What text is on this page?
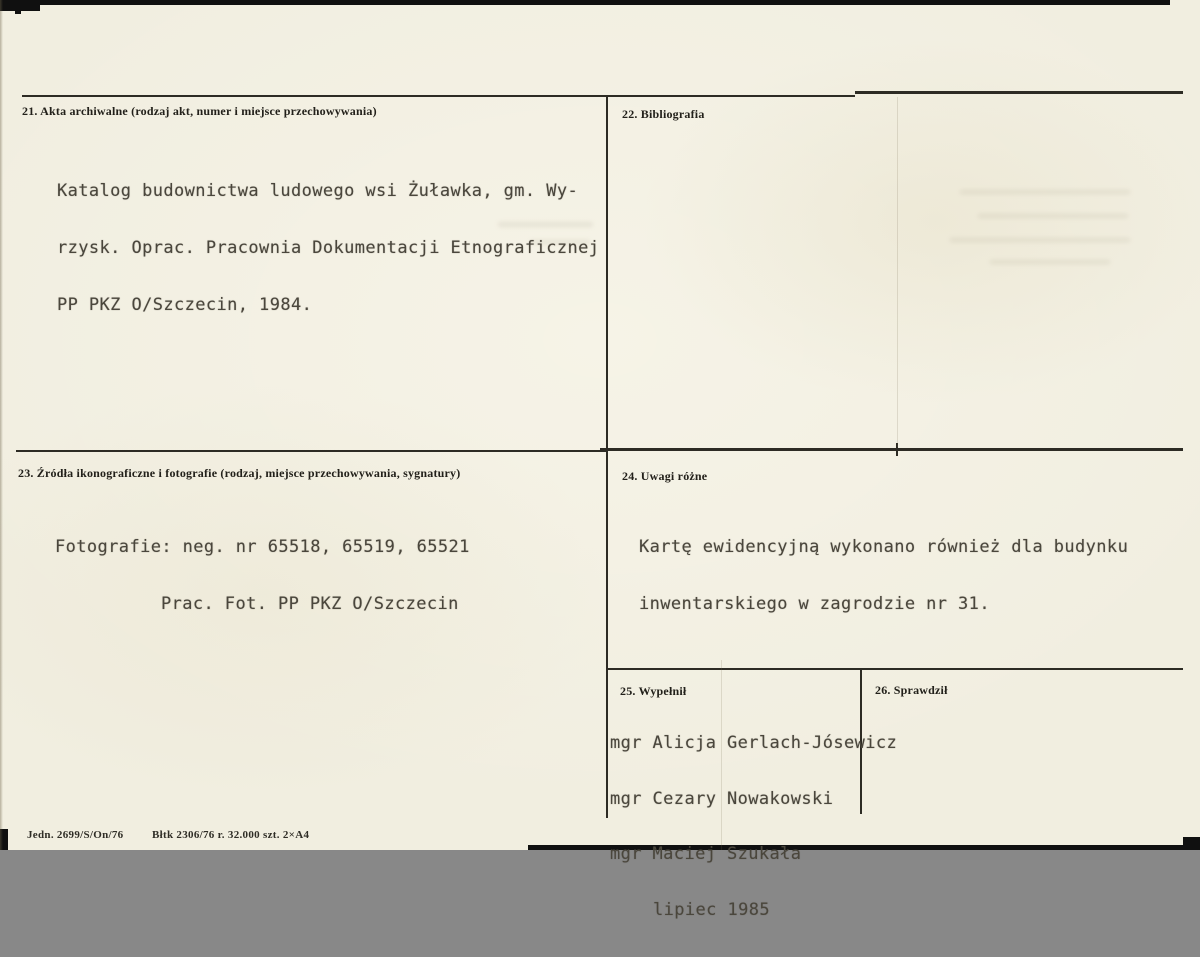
21. Akta archiwalne (rodzaj akt, numer i miejsce przechowywania)

Katalog budownictwa ludowego wsi Żuławka, gm. Wy-

rzysk. Oprac. Pracownia Dokumentacji Etnograficznej

PP PKZ O/Szczecin, 1984.

22. Bibliografia
23. Źródła ikonograficzne i fotografie (rodzaj, miejsce przechowywania, sygnatury)

Fotografie: neg. nr 65518, 65519, 65521

Prac. Fot. PP PKZ O/Szczecin

24. Uwagi różne

Kartę ewidencyjną wykonano również dla budynku

inwentarskiego w zagrodzie nr 31.

25. Wypełnił

mgr Alicja Gerlach-Jósewicz

mgr Cezary Nowakowski

mgr Maciej Szukała

lipiec 1985

26. Sprawdził
Jedn. 2699/S/On/76	Błtk 2306/76 r. 32.000 szt. 2×A4
